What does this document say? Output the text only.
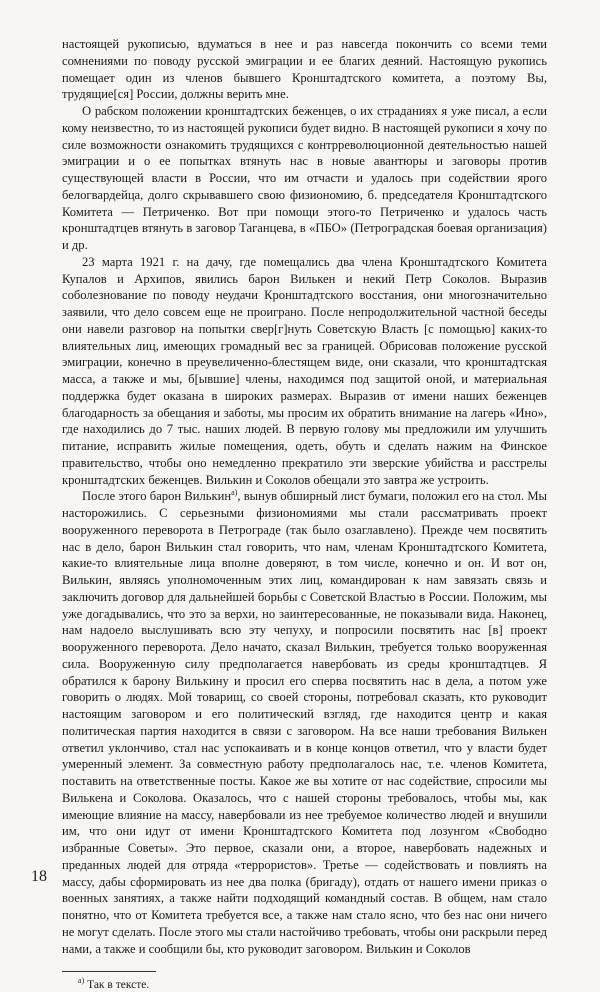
настоящей рукописью, вдуматься в нее и раз навсегда покончить со всеми теми сомнениями по поводу русской эмиграции и ее благих деяний. Настоящую рукопись помещает один из членов бывшего Кронштадтского комитета, а поэтому Вы, трудящие[ся] России, должны верить мне.

О рабском положении кронштадтских беженцев, о их страданиях я уже писал, а если кому неизвестно, то из настоящей рукописи будет видно. В настоящей рукописи я хочу по силе возможности ознакомить трудящихся с контрреволюционной деятельностью нашей эмиграции и о ее попытках втянуть нас в новые авантюры и заговоры против существующей власти в России, что им отчасти и удалось при содействии ярого белогвардейца, долго скрывавшего свою физиономию, б. председателя Кронштадтского Комитета — Петриченко. Вот при помощи этого-то Петриченко и удалось часть кронштадтцев втянуть в заговор Таганцева, в «ПБО» (Петроградская боевая организация) и др.

23 марта 1921 г. на дачу, где помещались два члена Кронштадтского Комитета Купалов и Архипов, явились барон Вилькен и некий Петр Соколов. Выразив соболезнование по поводу неудачи Кронштадтского восстания, они многозначительно заявили, что дело совсем еще не проиграно. После непродолжительной частной беседы они навели разговор на попытки свер[г]нуть Советскую Власть [с помощью] каких-то влиятельных лиц, имеющих громадный вес за границей. Обрисовав положение русской эмиграции, конечно в преувеличенно-блестящем виде, они сказали, что кронштадтская масса, а также и мы, б[ывшие] члены, находимся под защитой оной, и материальная поддержка будет оказана в широких размерах. Выразив от имени наших беженцев благодарность за обещания и заботы, мы просим их обратить внимание на лагерь «Ино», где находились до 7 тыс. наших людей. В первую голову мы предложили им улучшить питание, исправить жилые помещения, одеть, обуть и сделать нажим на Финское правительство, чтобы оно немедленно прекратило эти зверские убийства и расстрелы кронштадтских беженцев. Вилькин и Соколов обещали это завтра же устроить.

После этого барон Вилькин$^{а)}$, вынув обширный лист бумаги, положил его на стол. Мы насторожились. С серьезными физиономиями мы стали рассматривать проект вооруженного переворота в Петрограде (так было озаглавлено). Прежде чем посвятить нас в дело, барон Вилькин стал говорить, что нам, членам Кронштадтского Комитета, какие-то влиятельные лица вполне доверяют, в том числе, конечно и он. И вот он, Вилькин, являясь уполномоченным этих лиц, командирован к нам завязать связь и заключить договор для дальнейшей борьбы с Советской Властью в России. Положим, мы уже догадывались, что это за верхи, но заинтересованные, не показывали вида. Наконец, нам надоело выслушивать всю эту чепуху, и попросили посвятить нас [в] проект вооруженного переворота. Дело начато, сказал Вилькин, требуется только вооруженная сила. Вооруженную силу предполагается навербовать из среды кронштадтцев. Я обратился к барону Вилькину и просил его сперва посвятить нас в дела, а потом уже говорить о людях. Мой товарищ, со своей стороны, потребовал сказать, кто руководит настоящим заговором и его политический взгляд, где находится центр и какая политическая партия находится в связи с заговором. На все наши требования Вилькен ответил уклончиво, стал нас успокаивать и в конце концов ответил, что у власти будет умеренный элемент. За совместную работу предполагалось нас, т.е. членов Комитета, поставить на ответственные посты. Какое же вы хотите от нас содействие, спросили мы Вилькена и Соколова. Оказалось, что с нашей стороны требовалось, чтобы мы, как имеющие влияние на массу, навербовали из нее требуемое количество людей и внушили им, что они идут от имени Кронштадтского Комитета под лозунгом «Свободно избранные Советы». Это первое, сказали они, а второе, навербовать надежных и преданных людей для отряда «террористов». Третье — содействовать и повлиять на массу, дабы сформировать из нее два полка (бригаду), отдать от нашего имени приказ о военных занятиях, а также найти подходящий командный состав. В общем, нам стало понятно, что от Комитета требуется все, а также нам стало ясно, что без нас они ничего не могут сделать. После этого мы стали настойчиво требовать, чтобы они раскрыли перед нами, а также и сообщили бы, кто руководит заговором. Вилькин и Соколов

$^{а)}$ Так в тексте.
18
